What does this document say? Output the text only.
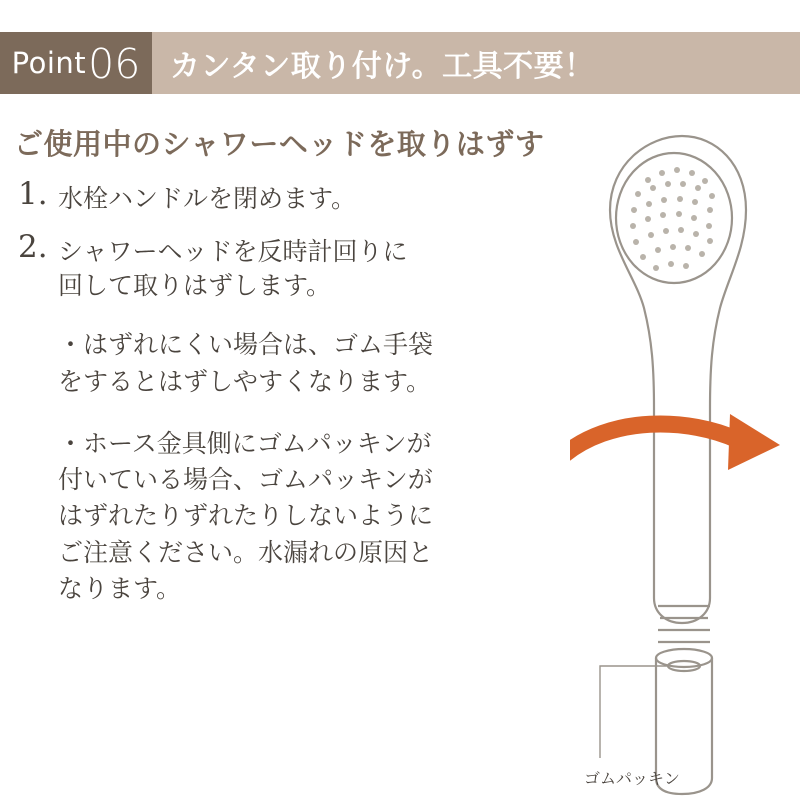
Point 06 カンタン取り付け。工具不要！
ご使用中のシャワーヘッドを取りはずす
1. 水栓ハンドルを閉めます。
2. シャワーヘッドを反時計回りに
回して取りはずします。

・はずれにくい場合は、ゴム手袋
をするとはずしやすくなります。

・ホース金具側にゴムパッキンが
付いている場合、ゴムパッキンが
はずれたりずれたりしないように
ご注意ください。水漏れの原因と
なります。

ゴムパッキン
